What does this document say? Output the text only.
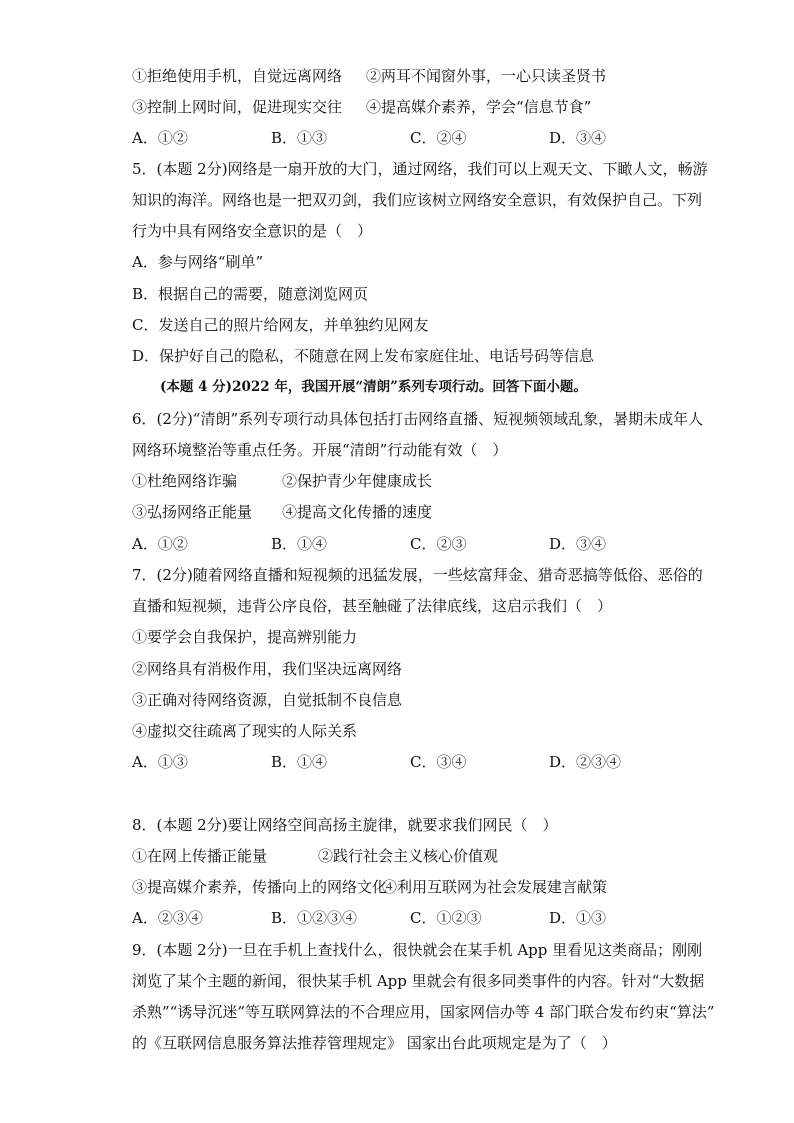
①拒绝使用手机，自觉远离网络 ②两耳不闻窗外事，一心只读圣贤书
③控制上网时间，促进现实交往 ④提高媒介素养，学会“信息节食”
A．①②	B．①③	C．②④	D．③④
5．(本题 2分)网络是一扇开放的大门，通过网络，我们可以上观天文、下瞰人文，畅游
知识的海洋。网络也是一把双刃剑，我们应该树立网络安全意识，有效保护自己。下列
行为中具有网络安全意识的是（　）
A．参与网络“刷单”
B．根据自己的需要，随意浏览网页
C．发送自己的照片给网友，并单独约见网友
D．保护好自己的隐私，不随意在网上发布家庭住址、电话号码等信息
(本题 4 分)2022 年，我国开展“清朗”系列专项行动。回答下面小题。
6．(2分)“清朗”系列专项行动具体包括打击网络直播、短视频领域乱象，暑期未成年人
网络环境整治等重点任务。开展“清朗”行动能有效（　）
①杜绝网络诈骗	②保护青少年健康成长
③弘扬网络正能量 ④提高文化传播的速度
A．①②	B．①④	C．②③	D．③④
7．(2分)随着网络直播和短视频的迅猛发展，一些炫富拜金、猎奇恶搞等低俗、恶俗的
直播和短视频，违背公序良俗，甚至触碰了法律底线，这启示我们（　）
①要学会自我保护，提高辨别能力
②网络具有消极作用，我们坚决远离网络
③正确对待网络资源，自觉抵制不良信息
④虚拟交往疏离了现实的人际关系
A．①③	B．①④	C．③④	D．②③④
8．(本题 2分)要让网络空间高扬主旋律，就要求我们网民（　）
①在网上传播正能量	②践行社会主义核心价值观
③提高媒介素养，传播向上的网络文化
④利用互联网为社会发展建言献策
A．②③④	B．①②③④	C．①②③	D．①③
9．(本题 2分)一旦在手机上查找什么，很快就会在某手机 App 里看见这类商品；刚刚
浏览了某个主题的新闻，很快某手机 App 里就会有很多同类事件的内容。针对“大数据
杀熟”“诱导沉迷”等互联网算法的不合理应用，国家网信办等 4 部门联合发布约束“算法”
的《互联网信息服务算法推荐管理规定》 国家出台此项规定是为了（　）
